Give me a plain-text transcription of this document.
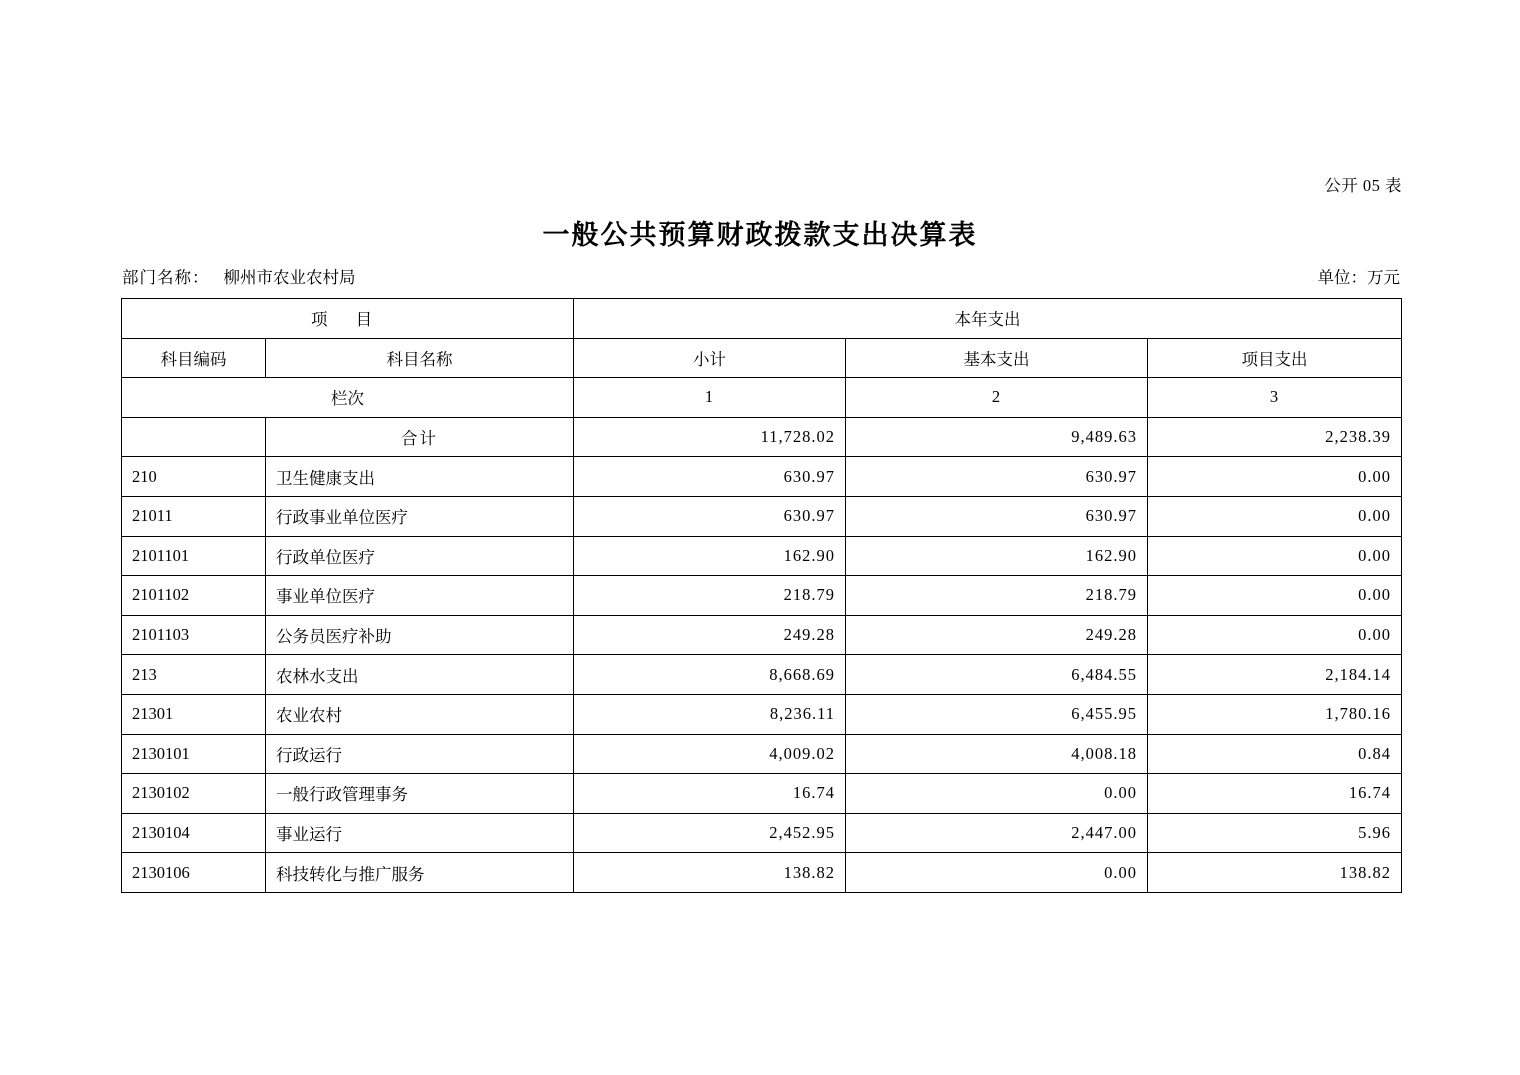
公开 05 表
一般公共预算财政拨款支出决算表
部门名称： 柳州市农业农村局	单位：万元
项 目		本年支出		
科目编码	科目名称	小计	基本支出	项目支出
栏次		1	2	3
	合计	11,728.02	9,489.63	2,238.39
210	卫生健康支出	630.97	630.97	0.00
21011	行政事业单位医疗	630.97	630.97	0.00
2101101	行政单位医疗	162.90	162.90	0.00
2101102	事业单位医疗	218.79	218.79	0.00
2101103	公务员医疗补助	249.28	249.28	0.00
213	农林水支出	8,668.69	6,484.55	2,184.14
21301	农业农村	8,236.11	6,455.95	1,780.16
2130101	行政运行	4,009.02	4,008.18	0.84
2130102	一般行政管理事务	16.74	0.00	16.74
2130104	事业运行	2,452.95	2,447.00	5.96
2130106	科技转化与推广服务	138.82	0.00	138.82
